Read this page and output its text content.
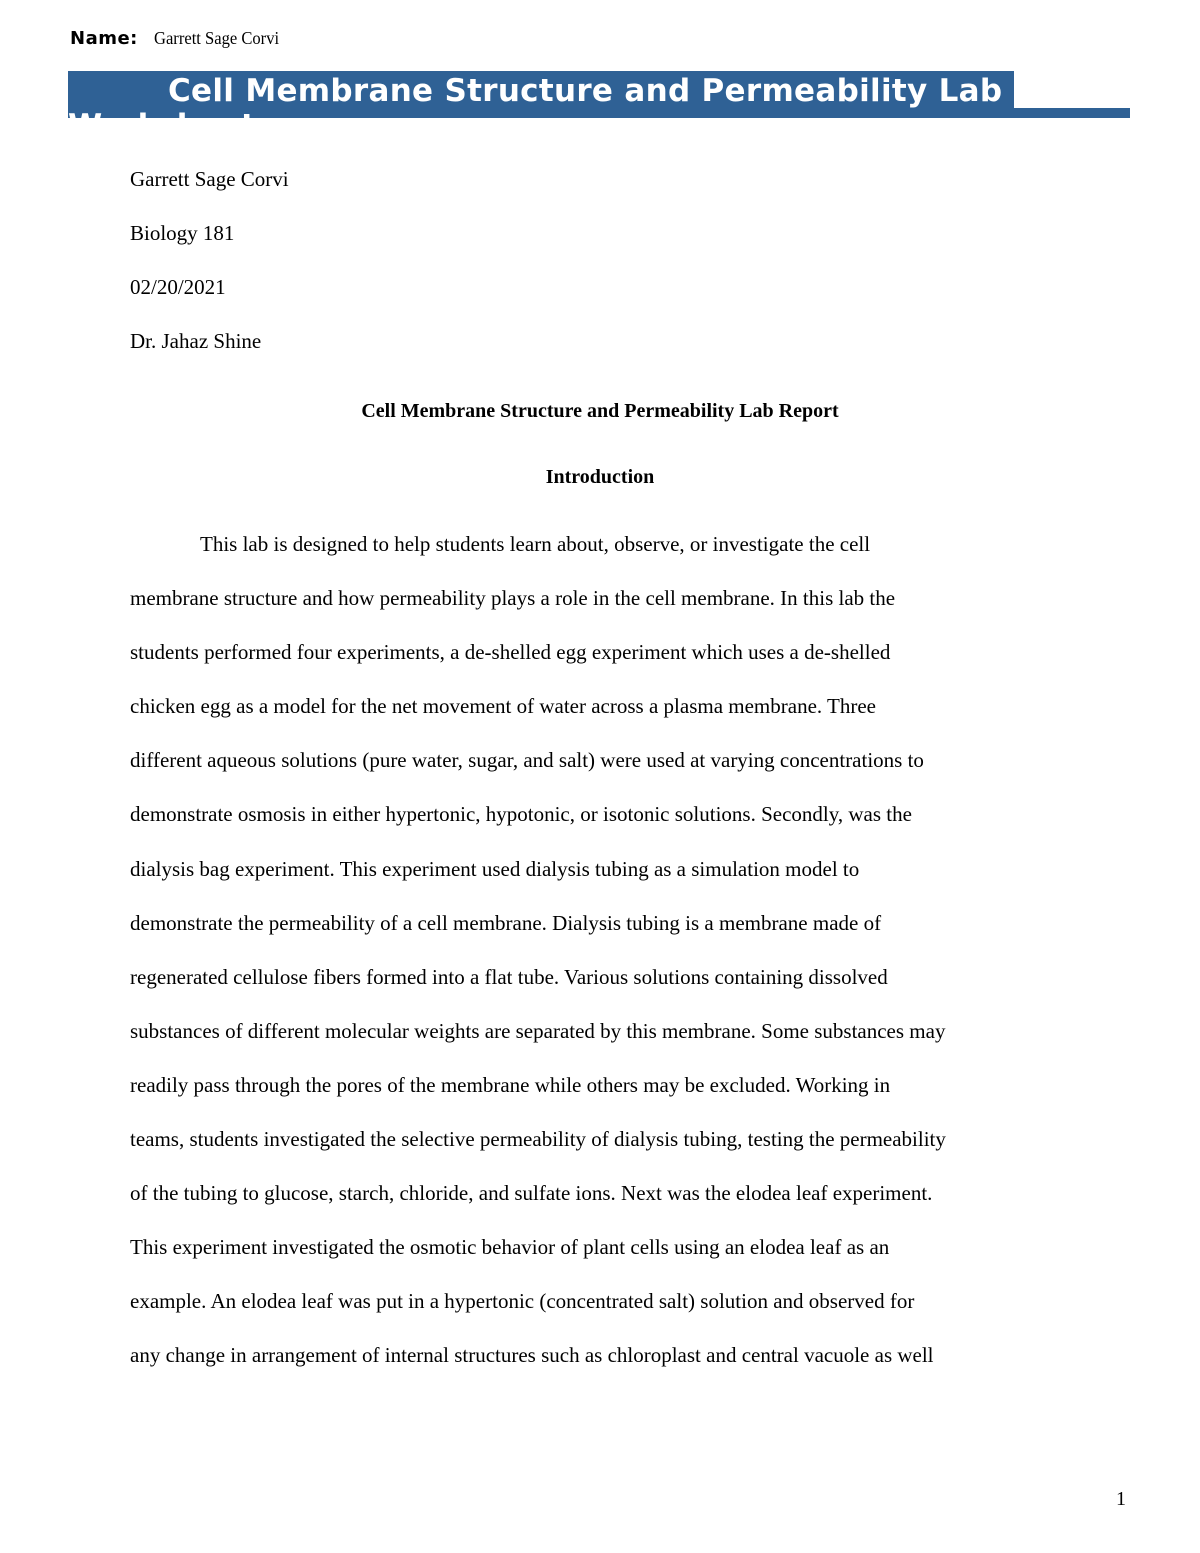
Name: Garrett Sage Corvi
Cell Membrane Structure and Permeability Lab
Worksheet
Garrett Sage Corvi
Biology 181
02/20/2021
Dr. Jahaz Shine
Cell Membrane Structure and Permeability Lab Report
Introduction
This lab is designed to help students learn about, observe, or investigate the cell
membrane structure and how permeability plays a role in the cell membrane. In this lab the
students performed four experiments, a de-shelled egg experiment which uses a de-shelled
chicken egg as a model for the net movement of water across a plasma membrane. Three
different aqueous solutions (pure water, sugar, and salt) were used at varying concentrations to
demonstrate osmosis in either hypertonic, hypotonic, or isotonic solutions. Secondly, was the
dialysis bag experiment. This experiment used dialysis tubing as a simulation model to
demonstrate the permeability of a cell membrane. Dialysis tubing is a membrane made of
regenerated cellulose fibers formed into a flat tube. Various solutions containing dissolved
substances of different molecular weights are separated by this membrane. Some substances may
readily pass through the pores of the membrane while others may be excluded. Working in
teams, students investigated the selective permeability of dialysis tubing, testing the permeability
of the tubing to glucose, starch, chloride, and sulfate ions. Next was the elodea leaf experiment.
This experiment investigated the osmotic behavior of plant cells using an elodea leaf as an
example. An elodea leaf was put in a hypertonic (concentrated salt) solution and observed for
any change in arrangement of internal structures such as chloroplast and central vacuole as well
1
